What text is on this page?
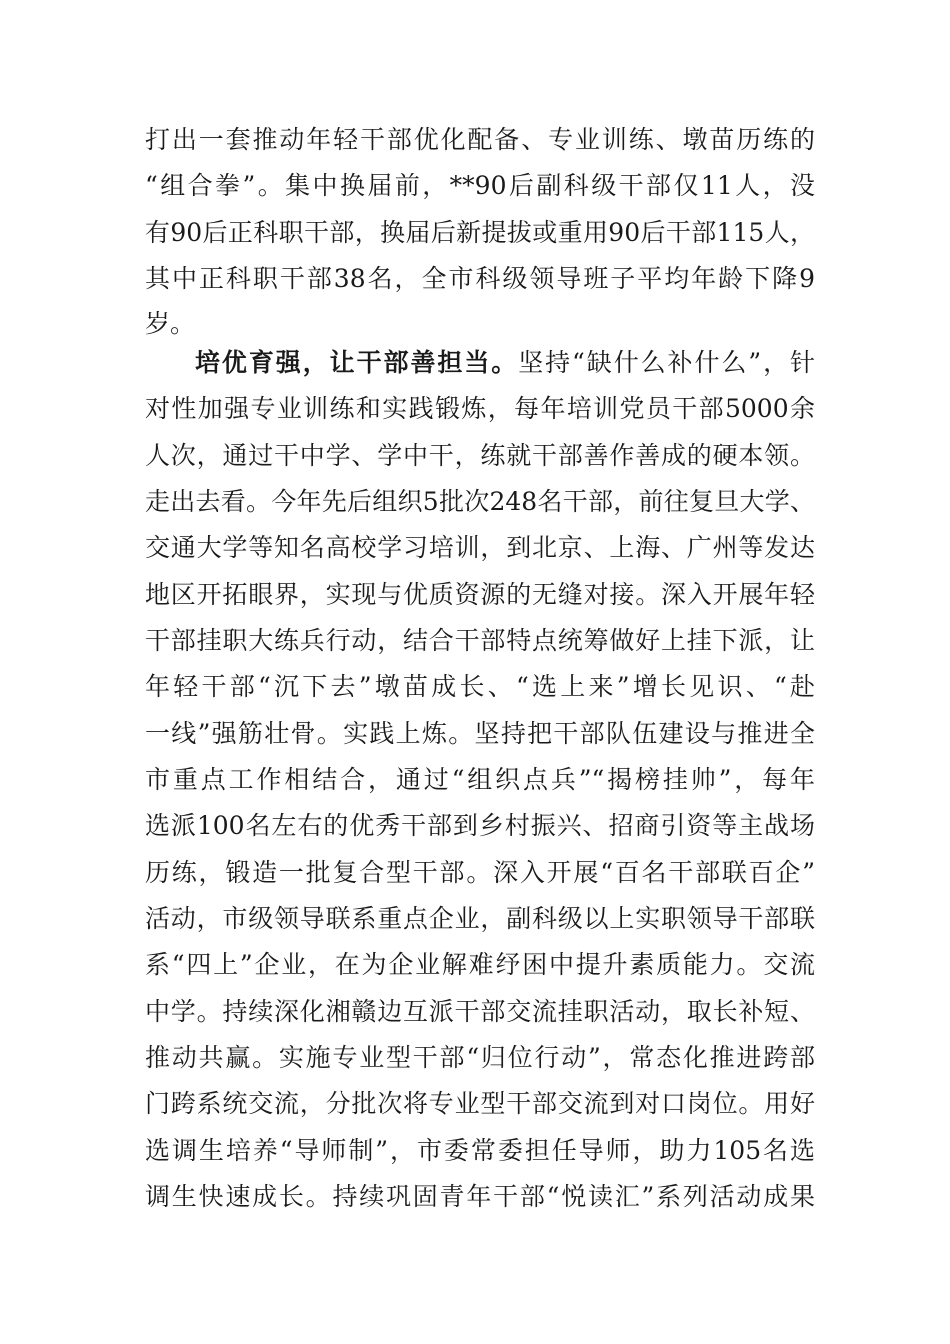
打出一套推动年轻干部优化配备、专业训练、墩苗历练的
“组合拳”。集中换届前，**90后副科级干部仅11人，没
有90后正科职干部，换届后新提拔或重用90后干部115人，
其中正科职干部38名，全市科级领导班子平均年龄下降9
岁。
培优育强，让干部善担当。坚持“缺什么补什么”，针
对性加强专业训练和实践锻炼，每年培训党员干部5000余
人次，通过干中学、学中干，练就干部善作善成的硬本领。
走出去看。今年先后组织5批次248名干部，前往复旦大学、
交通大学等知名高校学习培训，到北京、上海、广州等发达
地区开拓眼界，实现与优质资源的无缝对接。深入开展年轻
干部挂职大练兵行动，结合干部特点统筹做好上挂下派，让
年轻干部“沉下去”墩苗成长、“选上来”增长见识、“赴
一线”强筋壮骨。实践上炼。坚持把干部队伍建设与推进全
市重点工作相结合，通过“组织点兵”“揭榜挂帅”，每年
选派100名左右的优秀干部到乡村振兴、招商引资等主战场
历练，锻造一批复合型干部。深入开展“百名干部联百企”
活动，市级领导联系重点企业，副科级以上实职领导干部联
系“四上”企业，在为企业解难纾困中提升素质能力。交流
中学。持续深化湘赣边互派干部交流挂职活动，取长补短、
推动共赢。实施专业型干部“归位行动”，常态化推进跨部
门跨系统交流，分批次将专业型干部交流到对口岗位。用好
选调生培养“导师制”，市委常委担任导师，助力105名选
调生快速成长。持续巩固青年干部“悦读汇”系列活动成果
